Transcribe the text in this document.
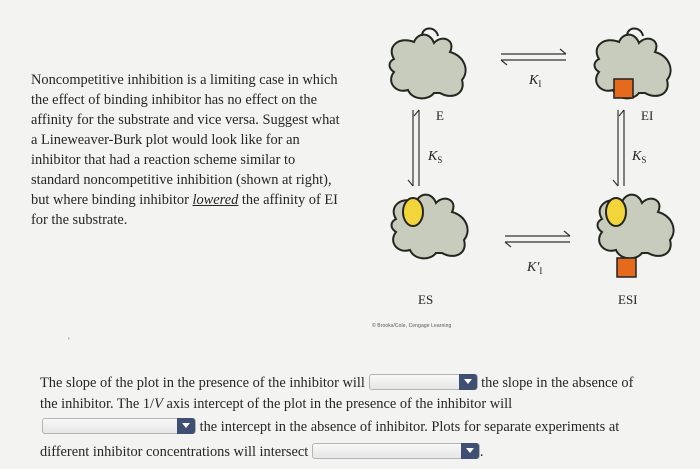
Noncompetitive inhibition is a limiting case in which the effect of binding inhibitor has no effect on the affinity for the substrate and vice versa. Suggest what a Lineweaver-Burk plot would look like for an inhibitor that had a reaction scheme similar to standard noncompetitive inhibition (shown at right), but where binding inhibitor lowered the affinity of EI for the substrate.
$K_I$
$K'_I$
E
$K_S$
EI
$K_S$
ES	ESI
© Brooks/Cole, Cengage Learning
'
The slope of the plot in the presence of the inhibitor will	the slope in the absence of
the inhibitor. The 1/V axis intercept of the plot in the presence of the inhibitor will
the intercept in the absence of inhibitor. Plots for separate experiments at
different inhibitor concentrations will intersect	.
